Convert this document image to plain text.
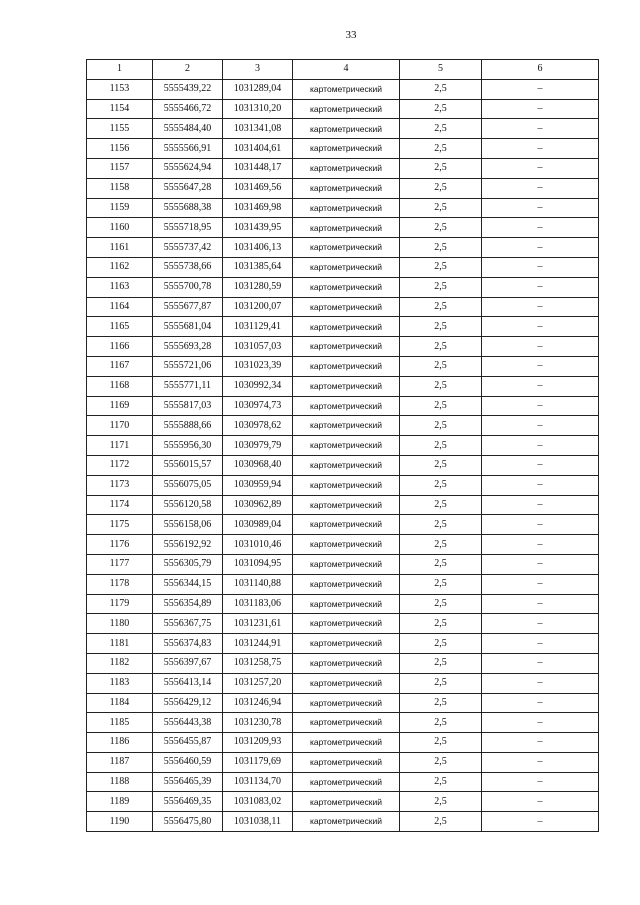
33
1	2	3	4	5	6
1153	5555439,22	1031289,04	картометрический	2,5	–
1154	5555466,72	1031310,20	картометрический	2,5	–
1155	5555484,40	1031341,08	картометрический	2,5	–
1156	5555566,91	1031404,61	картометрический	2,5	–
1157	5555624,94	1031448,17	картометрический	2,5	–
1158	5555647,28	1031469,56	картометрический	2,5	–
1159	5555688,38	1031469,98	картометрический	2,5	–
1160	5555718,95	1031439,95	картометрический	2,5	–
1161	5555737,42	1031406,13	картометрический	2,5	–
1162	5555738,66	1031385,64	картометрический	2,5	–
1163	5555700,78	1031280,59	картометрический	2,5	–
1164	5555677,87	1031200,07	картометрический	2,5	–
1165	5555681,04	1031129,41	картометрический	2,5	–
1166	5555693,28	1031057,03	картометрический	2,5	–
1167	5555721,06	1031023,39	картометрический	2,5	–
1168	5555771,11	1030992,34	картометрический	2,5	–
1169	5555817,03	1030974,73	картометрический	2,5	–
1170	5555888,66	1030978,62	картометрический	2,5	–
1171	5555956,30	1030979,79	картометрический	2,5	–
1172	5556015,57	1030968,40	картометрический	2,5	–
1173	5556075,05	1030959,94	картометрический	2,5	–
1174	5556120,58	1030962,89	картометрический	2,5	–
1175	5556158,06	1030989,04	картометрический	2,5	–
1176	5556192,92	1031010,46	картометрический	2,5	–
1177	5556305,79	1031094,95	картометрический	2,5	–
1178	5556344,15	1031140,88	картометрический	2,5	–
1179	5556354,89	1031183,06	картометрический	2,5	–
1180	5556367,75	1031231,61	картометрический	2,5	–
1181	5556374,83	1031244,91	картометрический	2,5	–
1182	5556397,67	1031258,75	картометрический	2,5	–
1183	5556413,14	1031257,20	картометрический	2,5	–
1184	5556429,12	1031246,94	картометрический	2,5	–
1185	5556443,38	1031230,78	картометрический	2,5	–
1186	5556455,87	1031209,93	картометрический	2,5	–
1187	5556460,59	1031179,69	картометрический	2,5	–
1188	5556465,39	1031134,70	картометрический	2,5	–
1189	5556469,35	1031083,02	картометрический	2,5	–
1190	5556475,80	1031038,11	картометрический	2,5	–
